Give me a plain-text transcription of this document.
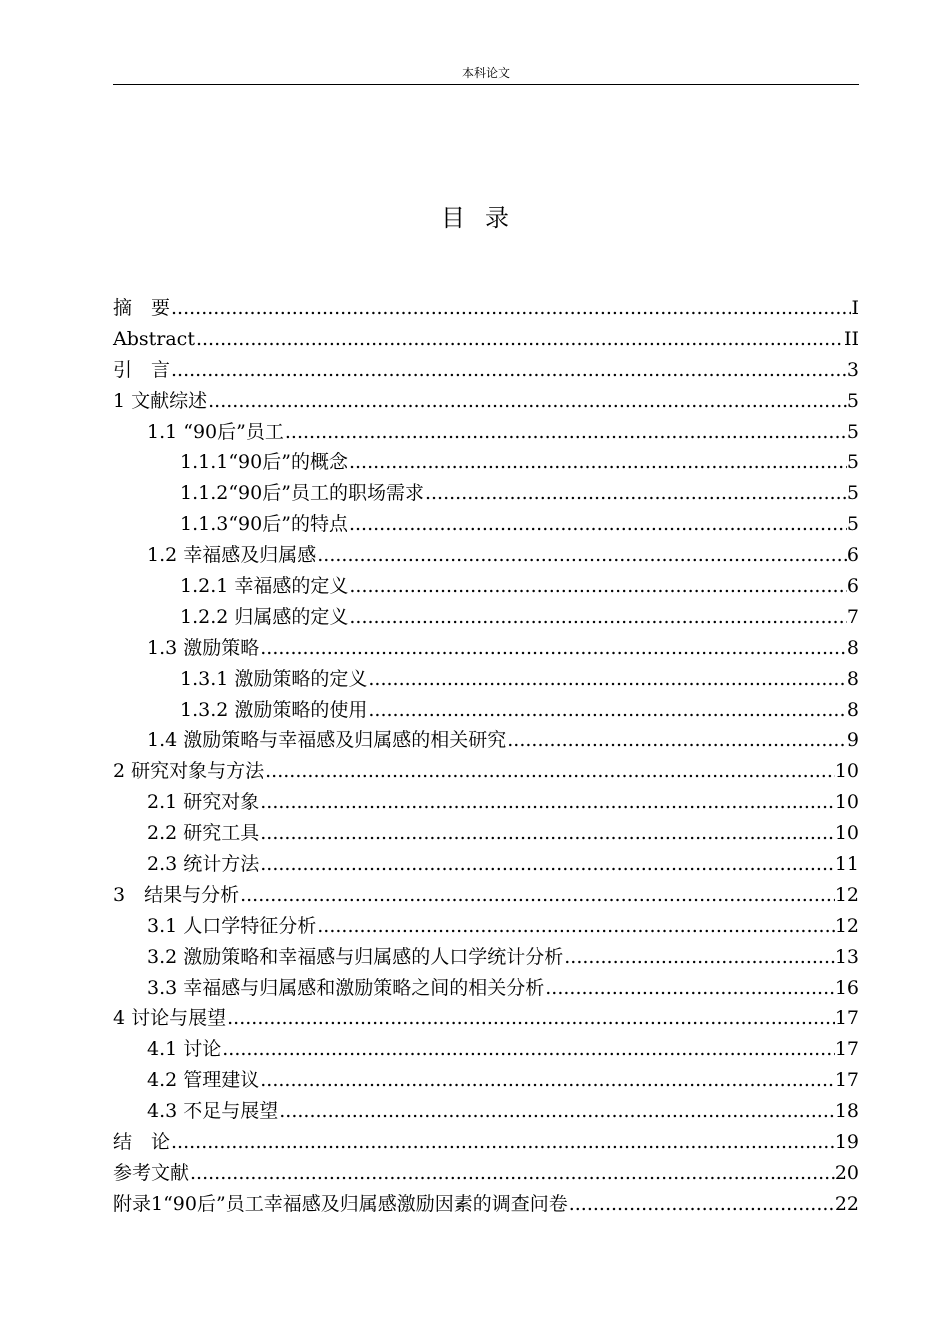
本科论文
目录
摘　要 .....	I
Abstract .....	II
引　言 .....	3
1 文献综述 .....	5
1.1 “90后”员工 .....	5
1.1.1“90后”的概念 .....	5
1.1.2“90后”员工的职场需求 .....	5
1.1.3“90后”的特点 .....	5
1.2 幸福感及归属感 .....	6
1.2.1 幸福感的定义 .....	6
1.2.2 归属感的定义 .....	7
1.3 激励策略 .....	8
1.3.1 激励策略的定义 .....	8
1.3.2 激励策略的使用 .....	8
1.4 激励策略与幸福感及归属感的相关研究 .....	9
2 研究对象与方法 .....	10
2.1 研究对象 .....	10
2.2 研究工具 .....	10
2.3 统计方法 .....	11
3　结果与分析 .....	12
3.1 人口学特征分析 .....	12
3.2 激励策略和幸福感与归属感的人口学统计分析 .....	13
3.3 幸福感与归属感和激励策略之间的相关分析 .....	16
4 讨论与展望 .....	17
4.1 讨论 .....	17
4.2 管理建议 .....	17
4.3 不足与展望 .....	18
结　论 .....	19
参考文献 .....	20
附录1“90后”员工幸福感及归属感激励因素的调查问卷 .....	22
